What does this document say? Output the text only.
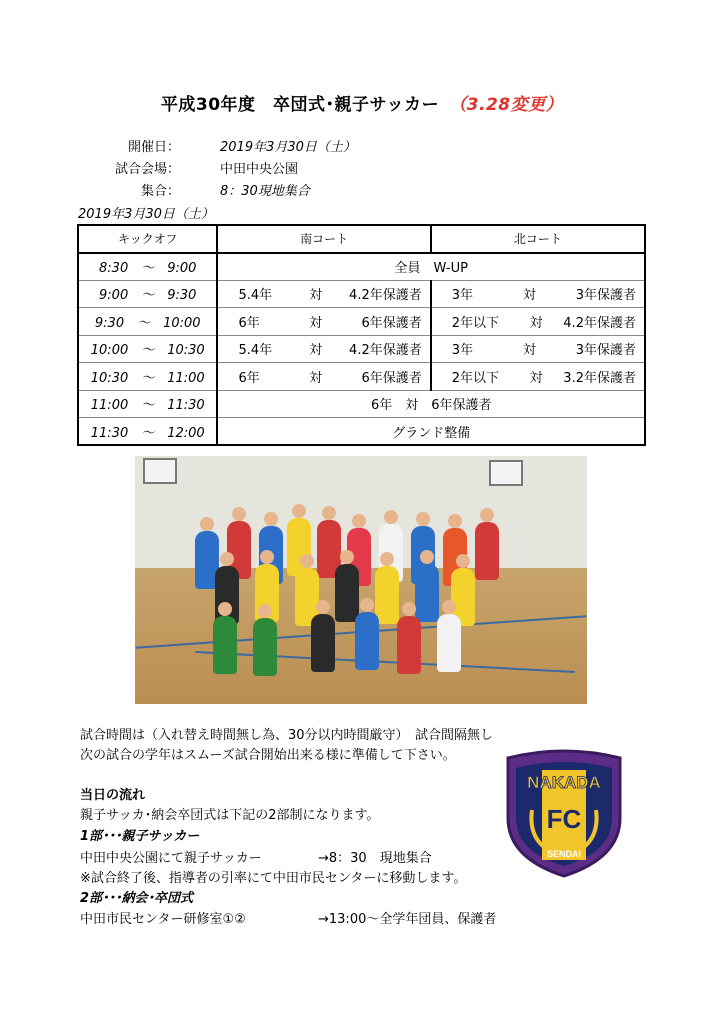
平成30年度　卒団式･親子サッカー （3.28変更）
開催日：	2019年3月30日（土）
試合会場：	中田中央公園
集合：	8：30現地集合
2019年3月30日（土）
キックオフ	南コート	北コート
8:30　～　9:00	全員　W-UP	
9:00　～　9:30	5.4年 対 4.2年保護者	3年 対 3年保護者

9:30　～　10:00	6年 対 6年保護者	2年以下 対 4.2年保護者

10:00　～　10:30	5.4年 対 4.2年保護者	3年 対 3年保護者

10:30　～　11:00	6年 対 6年保護者	2年以下 対 3.2年保護者

11:00　～　11:30	6年　対　6年保護者	
11:30　～　12:00	グランド整備	
試合時間は（入れ替え時間無し為、30分以内時間厳守）　試合間隔無し
次の試合の学年はスムーズ試合開始出来る様に準備して下さい。
当日の流れ
親子サッカ･納会卒団式は下記の2部制になります。
1部･･･親子サッカー
中田中央公園にて親子サッカー	→8：30　現地集合
※試合終了後、指導者の引率にて中田市民センターに移動します。
2部･･･納会･卒団式
中田市民センター研修室①②	→13:00～全学年団員、保護者
NAKADA
FC
SENDAI
